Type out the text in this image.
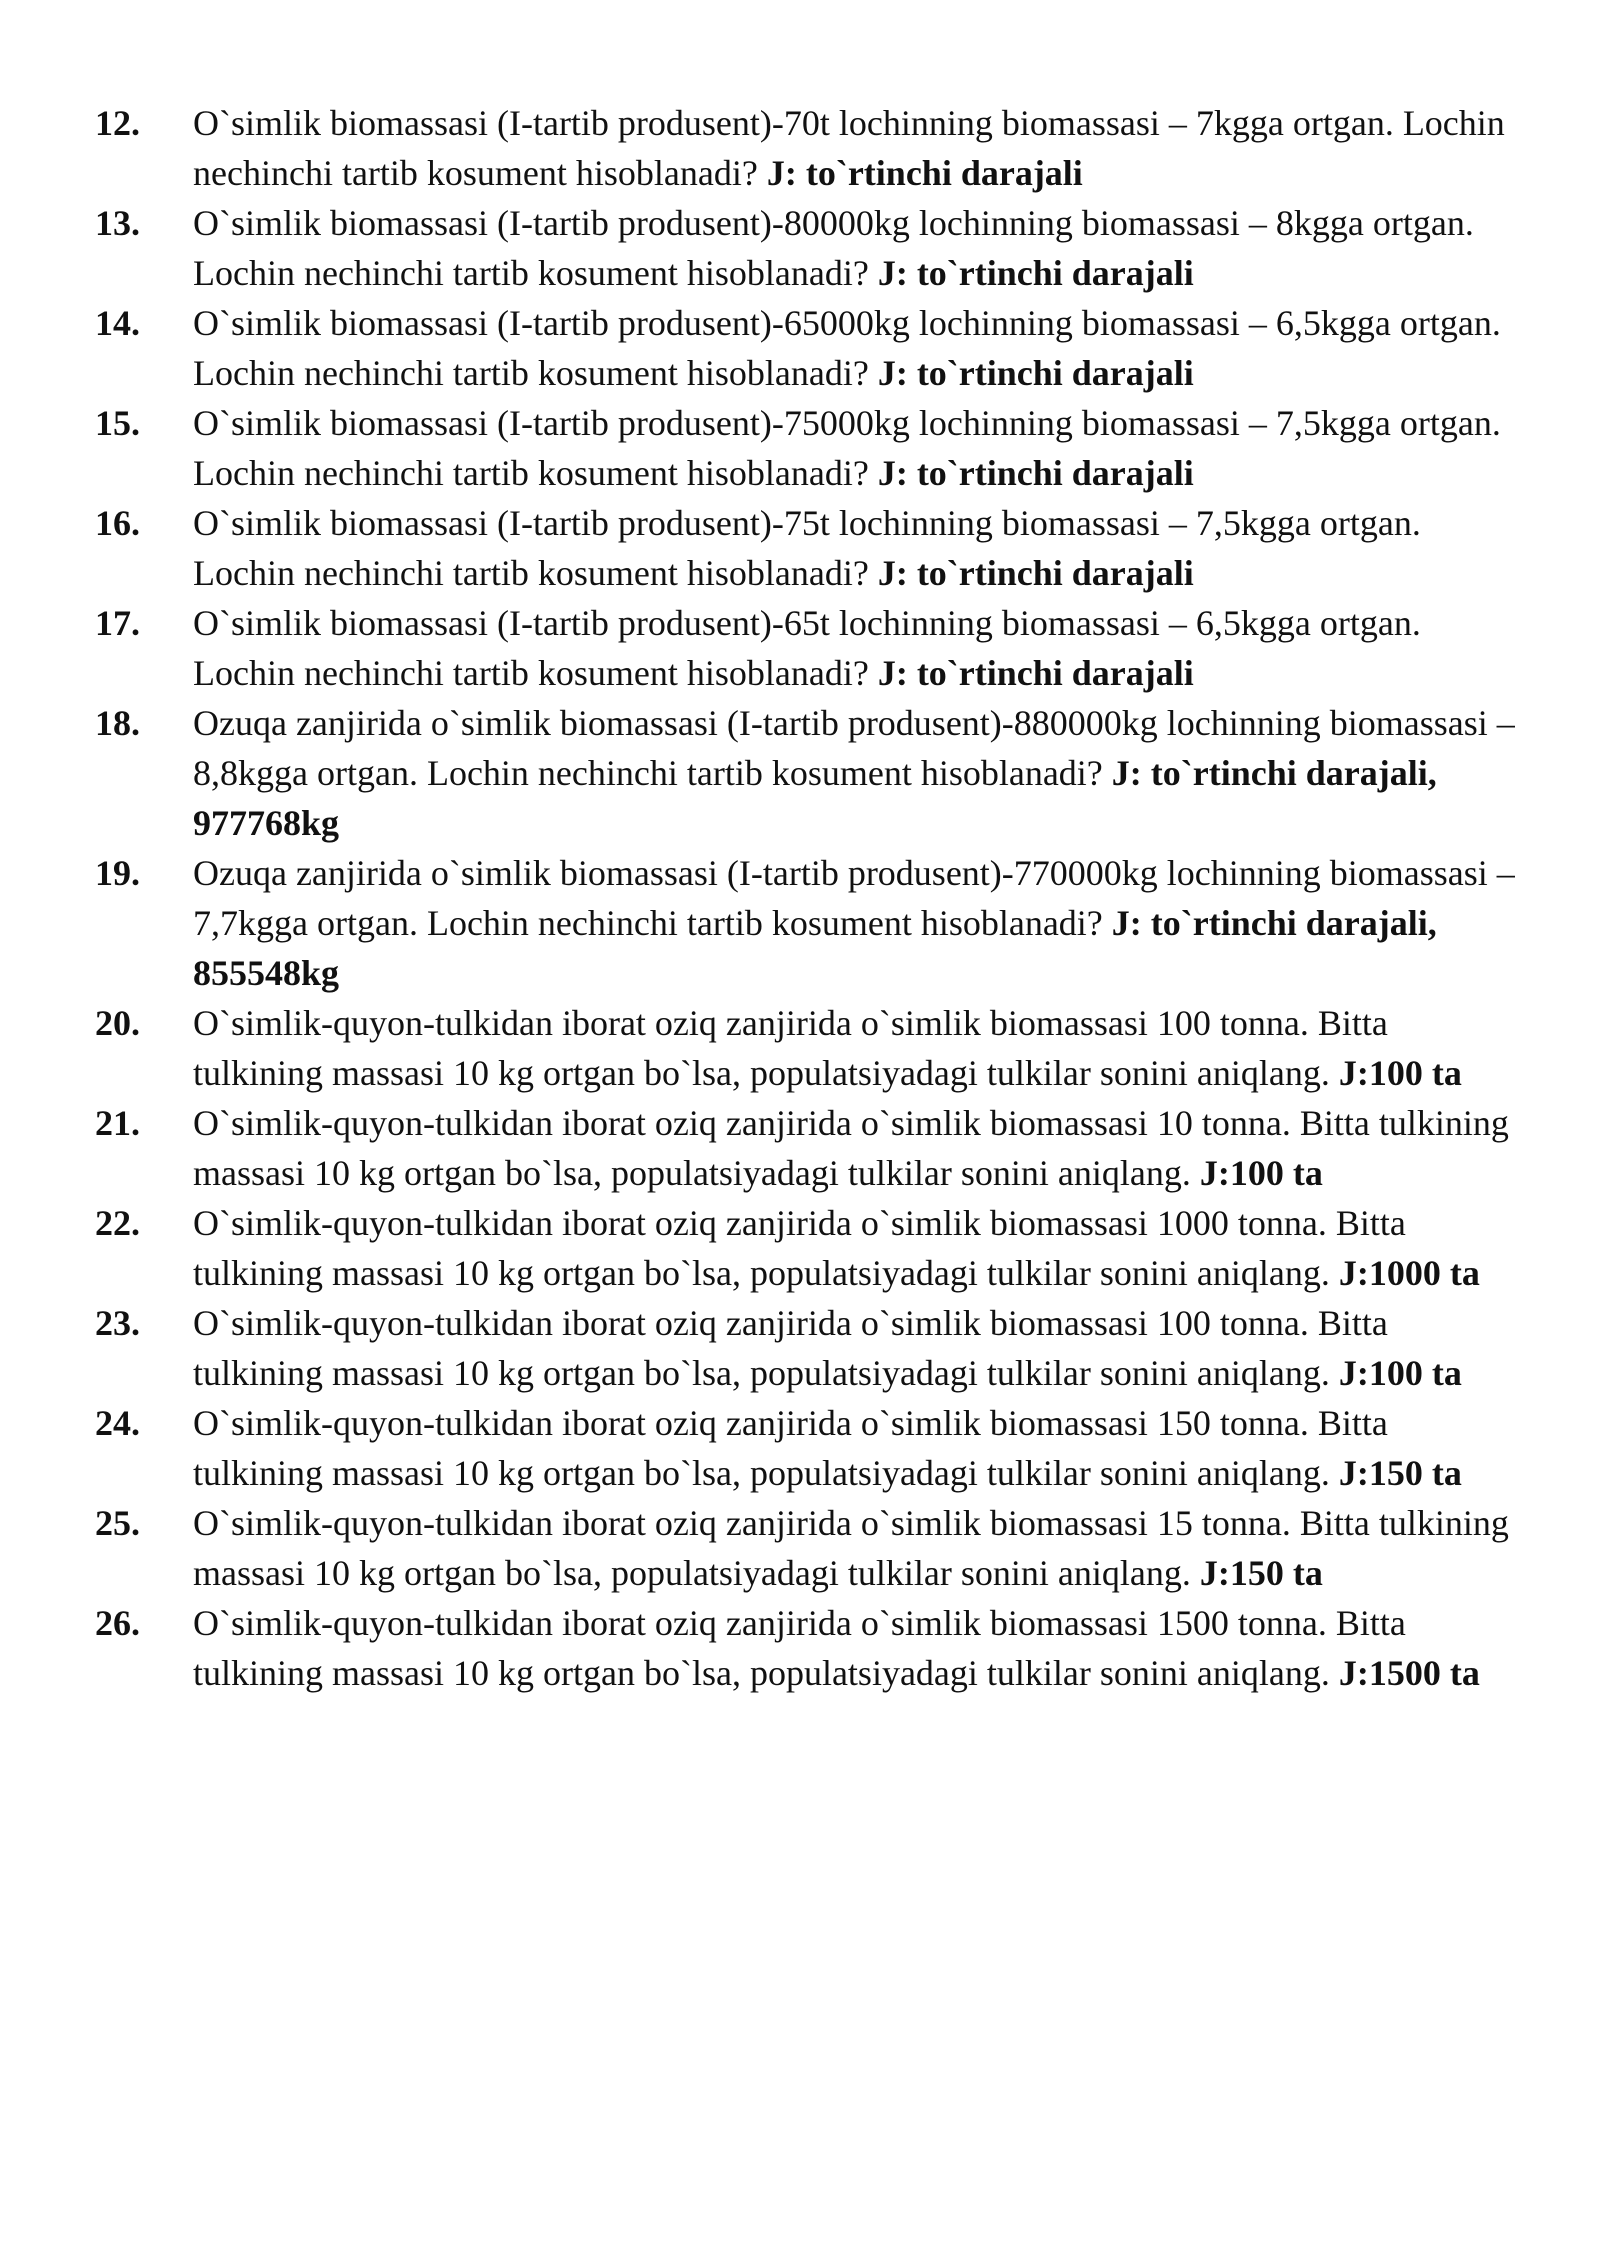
12.	O`simlik biomassasi (I-tartib produsent)-70t lochinning biomassasi – 7kgga ortgan. Lochin nechinchi tartib kosument hisoblanadi? J: to`rtinchi darajali
13.	O`simlik biomassasi (I-tartib produsent)-80000kg lochinning biomassasi – 8kgga ortgan. Lochin nechinchi tartib kosument hisoblanadi? J: to`rtinchi darajali
14.	O`simlik biomassasi (I-tartib produsent)-65000kg lochinning biomassasi – 6,5kgga ortgan. Lochin nechinchi tartib kosument hisoblanadi? J: to`rtinchi darajali
15.	O`simlik biomassasi (I-tartib produsent)-75000kg lochinning biomassasi – 7,5kgga ortgan. Lochin nechinchi tartib kosument hisoblanadi? J: to`rtinchi darajali
16.	O`simlik biomassasi (I-tartib produsent)-75t lochinning biomassasi – 7,5kgga ortgan. Lochin nechinchi tartib kosument hisoblanadi? J: to`rtinchi darajali
17.	O`simlik biomassasi (I-tartib produsent)-65t lochinning biomassasi – 6,5kgga ortgan. Lochin nechinchi tartib kosument hisoblanadi? J: to`rtinchi darajali
18.	Ozuqa zanjirida o`simlik biomassasi (I-tartib produsent)-880000kg lochinning biomassasi – 8,8kgga ortgan. Lochin nechinchi tartib kosument hisoblanadi? J: to`rtinchi darajali, 977768kg
19.	Ozuqa zanjirida o`simlik biomassasi (I-tartib produsent)-770000kg lochinning biomassasi – 7,7kgga ortgan. Lochin nechinchi tartib kosument hisoblanadi? J: to`rtinchi darajali, 855548kg
20.	O`simlik-quyon-tulkidan iborat oziq zanjirida o`simlik biomassasi 100 tonna. Bitta tulkining massasi 10 kg ortgan bo`lsa, populatsiyadagi tulkilar sonini aniqlang. J:100 ta
21.	O`simlik-quyon-tulkidan iborat oziq zanjirida o`simlik biomassasi 10 tonna. Bitta tulkining massasi 10 kg ortgan bo`lsa, populatsiyadagi tulkilar sonini aniqlang. J:100 ta
22.	O`simlik-quyon-tulkidan iborat oziq zanjirida o`simlik biomassasi 1000 tonna. Bitta tulkining massasi 10 kg ortgan bo`lsa, populatsiyadagi tulkilar sonini aniqlang. J:1000 ta
23.	O`simlik-quyon-tulkidan iborat oziq zanjirida o`simlik biomassasi 100 tonna. Bitta tulkining massasi 10 kg ortgan bo`lsa, populatsiyadagi tulkilar sonini aniqlang. J:100 ta
24.	O`simlik-quyon-tulkidan iborat oziq zanjirida o`simlik biomassasi 150 tonna. Bitta tulkining massasi 10 kg ortgan bo`lsa, populatsiyadagi tulkilar sonini aniqlang. J:150 ta
25.	O`simlik-quyon-tulkidan iborat oziq zanjirida o`simlik biomassasi 15 tonna. Bitta tulkining massasi 10 kg ortgan bo`lsa, populatsiyadagi tulkilar sonini aniqlang. J:150 ta
26.	O`simlik-quyon-tulkidan iborat oziq zanjirida o`simlik biomassasi 1500 tonna. Bitta tulkining massasi 10 kg ortgan bo`lsa, populatsiyadagi tulkilar sonini aniqlang. J:1500 ta
